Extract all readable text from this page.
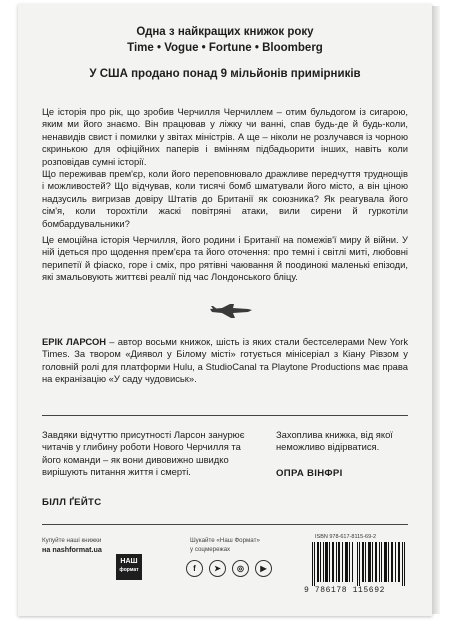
Одна з найкращих книжок року
Time • Vogue • Fortune • Bloomberg
У США продано понад 9 мільйонів примірників
Це історія про рік, що зробив Черчилля Черчиллем – отим бульдогом із сигарою, яким ми його знаємо. Він працював у ліжку чи ванні, спав будь-де й будь-коли, ненавидів свист і помилки у звітах міністрів. А ще – ніколи не розлучався із чорною скринькою для офіційних паперів і вмінням підбадьорити інших, навіть коли розповідав сумні історії.
Що переживав прем'єр, коли його переповнювало дражливе передчуття труднощів і можливостей? Що відчував, коли тисячі бомб шматували його місто, а він ціною надзусиль вигризав довіру Штатів до Британії як союзника? Як реагувала його сім'я, коли торохтіли жаскі повітряні атаки, вили сирени й гуркотіли бомбардувальники?
Це емоційна історія Черчилля, його родини і Британії на помежів'ї миру й війни. У ній ідеться про щодення прем'єра та його оточення: про темні і світлі миті, любовні перипетії й фіаско, горе і сміх, про рятівні чаювання й поодинокі маленькі епізоди, які змальовують життєві реалії під час Лондонського бліцу.
ЕРІК ЛАРСОН – автор восьми книжок, шість із яких стали бестселерами New York Times. За твором «Диявол у Білому місті» готується мінісеріал з Кіану Рівзом у головній ролі для платформи Hulu, а StudioCanal та Playtone Productions має права на екранізацію «У саду чудовиськ».
Завдяки відчуттю присутності Ларсон занурює читачів у глибину роботи Нового Черчилля та його команди – як вони дивовижно швидко вирішують питання життя і смерті.
БІЛЛ ҐЕЙТС
Захоплива книжка, від якої неможливо відірватися.
ОПРА ВІНФРІ
Купуйте наші книжки
на nashformat.ua
НАШ
формат
Шукайте «Наш Формат»
у соцмережах
f	➤	◎	▶
ISBN 978-617-8115-69-2
9 786178 115692
